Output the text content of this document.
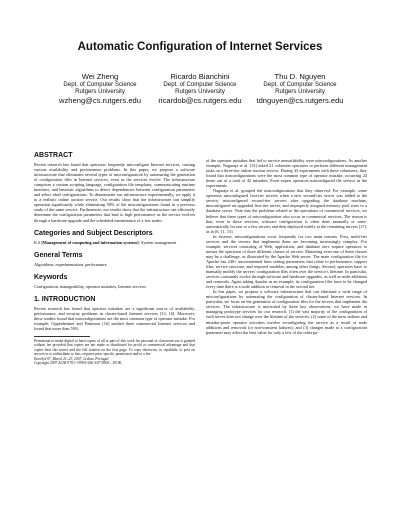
Automatic Configuration of Internet Services
Wei Zheng
Dept. of Computer Science
Rutgers University
wzheng@cs.rutgers.edu
Ricardo Bianchini
Dept. of Computer Science
Rutgers University
ricardob@cs.rutgers.edu
Thu D. Nguyen
Dept. of Computer Science
Rutgers University
tdnguyen@cs.rutgers.edu
ABSTRACT

Recent research has found that operators frequently misconfigure Internet services, causing various availability and performance problems. In this paper, we propose a software infrastructure that eliminates several types of misconfiguration by automating the generation of configuration files in Internet services, even as the services evolve. The infrastructure comprises a custom scripting language, configuration file templates, communicating runtime monitors, and heuristic algorithms to detect dependencies between configuration parameters and select ideal configurations. To demonstrate our infrastructure experimentally, we apply it to a realistic online auction service. Our results show that the infrastructure can simplify operation significantly while eliminating 58% of the misconfigurations found in a previous study of the same service. Furthermore, our results show that the infrastructure can efficiently determine the configuration parameters that lead to high performance as the service evolves through a hardware upgrade and the scheduled maintenance of a few nodes.

Categories and Subject Descriptors

K.6 [Management of computing and information systems]: System management

General Terms

Algorithms, experimentation, performance

Keywords

Configuration, manageability, operator mistakes, Internet services

1. INTRODUCTION

Recent research has found that operator mistakes are a significant source of availability, performance, and security problems in cluster-based Internet services [13, 16]. Moreover, these studies found that misconfigurations are the most common type of operator mistake. For example, Oppenheimer and Patterson [16] studied three commercial Internet services and found that more than 50%

Permission to make digital or hard copies of all or part of this work for personal or classroom use is granted without fee provided that copies are not made or distributed for profit or commercial advantage and that copies bear this notice and the full citation on the first page. To copy otherwise, to republish, to post on servers or to redistribute to lists, requires prior specific permission and/or a fee.

EuroSys'07, March 21–23, 2007, Lisboa, Portugal.

Copyright 2007 ACM 978-1-59593-636-3/07/0003 ...$5.00.

of the operator mistakes that led to service unavailability were misconfigurations. As another example, Nagaraja et al. [13] asked 21 volunteer operators to perform different management tasks on a three-tier online auction service. During 43 experiments with these volunteers, they found that misconfigurations were the most common type of operator mistake, occurring 24 times out of a total of 42 mistakes. Even expert operators misconfigured the service in the experiments.

Nagaraja et al. grouped the misconfigurations that they observed. For example, some operators misconfigured first-tier servers when a new second-tier server was added to the service, misconfigured second-tier servers after upgrading the database machine, misconfigured an upgraded first-tier server, and improperly assigned memory pool sizes to a database server. Note that the problems related to the operations of commercial services, we believe that these types of misconfiguration also occur in commercial services. The reason is that, even in these services, software configuration is often done manually or semi-automatically for one or a few servers and then deployed widely to the remaining servers [17], as in [6, 11, 15].

In essence, misconfigurations occur frequently for two main reasons. First, multi-tier services and the servers that implement them are becoming increasingly complex. For example, services consisting of Web, application, and database tiers require operators to master the operation of three different classes of servers. Mastering even one of these classes may be a challenge, as illustrated by the Apache Web server. The main configuration file for Apache has 240+ uncommented lines setting parameters that relate to performance, support files, service structure, and required modules, among other things. Second, operators have to manually modify the servers' configuration files often over the service's lifetime. In particular, services constantly evolve through software and hardware upgrades, as well as node additions and removals. Again taking Apache as an example, its configuration files have to be changed every time there is a node addition or removal in the second tier.

In this paper, we propose a software infrastructure that can eliminate a wide range of misconfigurations by automating the configuration of cluster-based Internet services. In particular, we focus on the generation of configuration files for the servers that implement the services. The infrastructure is motivated by three key observations: we have made in managing prototype services for our research: (1) the vast majority of the configuration of each server does not change over the lifetime of the services; (2) some of the most tedious and mistake-prone operator activities involve reconfiguring the service as a result of node additions and removals (or non-transient failures); and (3) changes made to a configuration parameter may affect the best value for only a few of the other pa-
